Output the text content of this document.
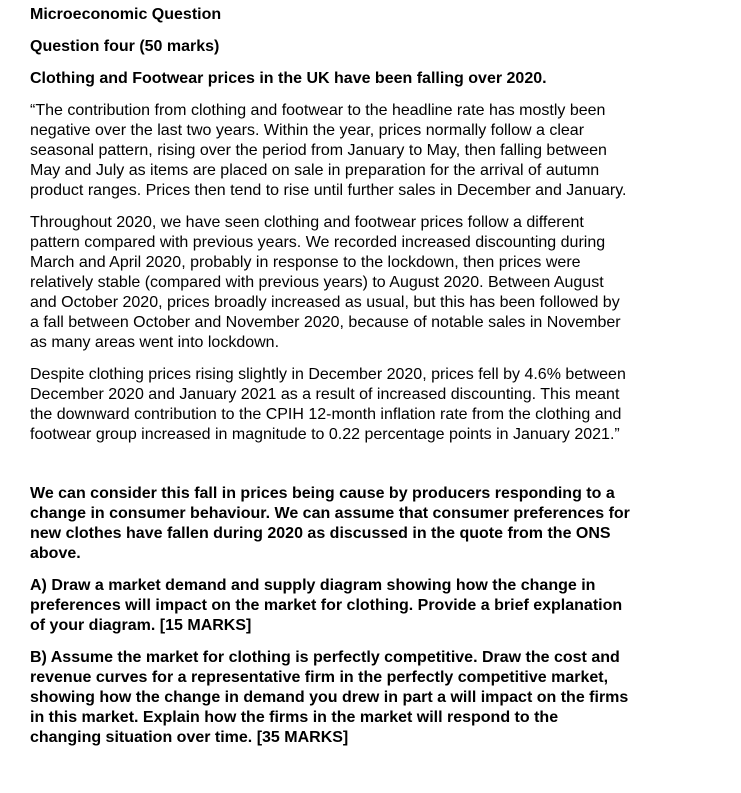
Microeconomic Question
Question four (50 marks)
Clothing and Footwear prices in the UK have been falling over 2020.
“The contribution from clothing and footwear to the headline rate has mostly been
negative over the last two years. Within the year, prices normally follow a clear
seasonal pattern, rising over the period from January to May, then falling between
May and July as items are placed on sale in preparation for the arrival of autumn
product ranges. Prices then tend to rise until further sales in December and January.
Throughout 2020, we have seen clothing and footwear prices follow a different
pattern compared with previous years. We recorded increased discounting during
March and April 2020, probably in response to the lockdown, then prices were
relatively stable (compared with previous years) to August 2020. Between August
and October 2020, prices broadly increased as usual, but this has been followed by
a fall between October and November 2020, because of notable sales in November
as many areas went into lockdown.
Despite clothing prices rising slightly in December 2020, prices fell by 4.6% between
December 2020 and January 2021 as a result of increased discounting. This meant
the downward contribution to the CPIH 12-month inflation rate from the clothing and
footwear group increased in magnitude to 0.22 percentage points in January 2021.”
We can consider this fall in prices being cause by producers responding to a
change in consumer behaviour. We can assume that consumer preferences for
new clothes have fallen during 2020 as discussed in the quote from the ONS
above.
A) Draw a market demand and supply diagram showing how the change in
preferences will impact on the market for clothing. Provide a brief explanation
of your diagram. [15 MARKS]
B) Assume the market for clothing is perfectly competitive. Draw the cost and
revenue curves for a representative firm in the perfectly competitive market,
showing how the change in demand you drew in part a will impact on the firms
in this market. Explain how the firms in the market will respond to the
changing situation over time. [35 MARKS]
